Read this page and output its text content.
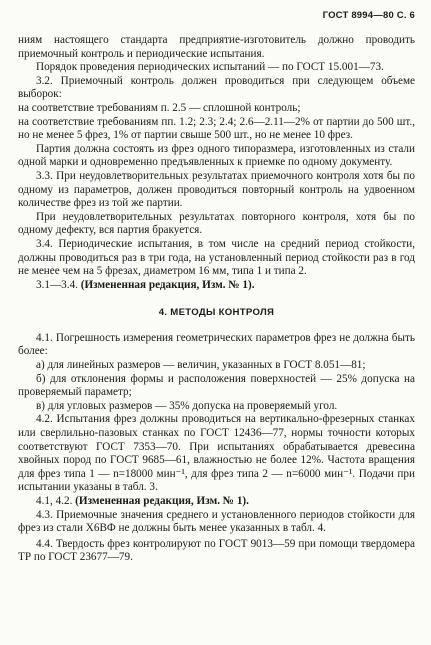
ГОСТ 8994—80 С. 6

ниям настоящего стандарта предприятие-изготовитель должно проводить приемочный контроль и периодические испытания.

Порядок проведения периодических испытаний — по ГОСТ 15.001—73.

3.2. Приемочный контроль должен проводиться при следующем объеме выборок:

на соответствие требованиям п. 2.5 — сплошной контроль;

на соответствие требованиям пп. 1.2; 2.3; 2.4; 2.6—2.11—2% от партии до 500 шт., но не менее 5 фрез, 1% от партии свыше 500 шт., но не менее 10 фрез.

Партия должна состоять из фрез одного типоразмера, изготовленных из стали одной марки и одновременно предъявленных к приемке по одному документу.

3.3. При неудовлетворительных результатах приемочного контроля хотя бы по одному из параметров, должен проводиться повторный контроль на удвоенном количестве фрез из той же партии.

При неудовлетворительных результатах повторного контроля, хотя бы по одному дефекту, вся партия бракуется.

3.4. Периодические испытания, в том числе на средний период стойкости, должны проводиться раз в три года, на установленный период стойкости раз в год не менее чем на 5 фрезах, диаметром 16 мм, типа 1 и типа 2.

3.1—3.4. (Измененная редакция, Изм. № 1).

4. МЕТОДЫ КОНТРОЛЯ

4.1. Погрешность измерения геометрических параметров фрез не должна быть более:

а) для линейных размеров — величин, указанных в ГОСТ 8.051—81;

б) для отклонения формы и расположения поверхностей — 25% допуска на проверяемый параметр;

в) для угловых размеров — 35% допуска на проверяемый угол.

4.2. Испытания фрез должны проводиться на вертикально-фрезерных станках или сверлильно-пазовых станках по ГОСТ 12436—77, нормы точности которых соответствуют ГОСТ 7353—70. При испытаниях обрабатывается древесина хвойных пород по ГОСТ 9685—61, влажностью не более 12%. Частота вращения для фрез типа 1 — n=18000 мин⁻¹, для фрез типа 2 — n=6000 мин⁻¹. Подачи при испытании указаны в табл. 3.

4.1, 4.2. (Измененная редакция, Изм. № 1).

4.3. Приемочные значения среднего и установленного периодов стойкости для фрез из стали Х6ВФ не должны быть менее указанных в табл. 4.

4.4. Твердость фрез контролируют по ГОСТ 9013—59 при помощи твердомера ТР по ГОСТ 23677—79.
